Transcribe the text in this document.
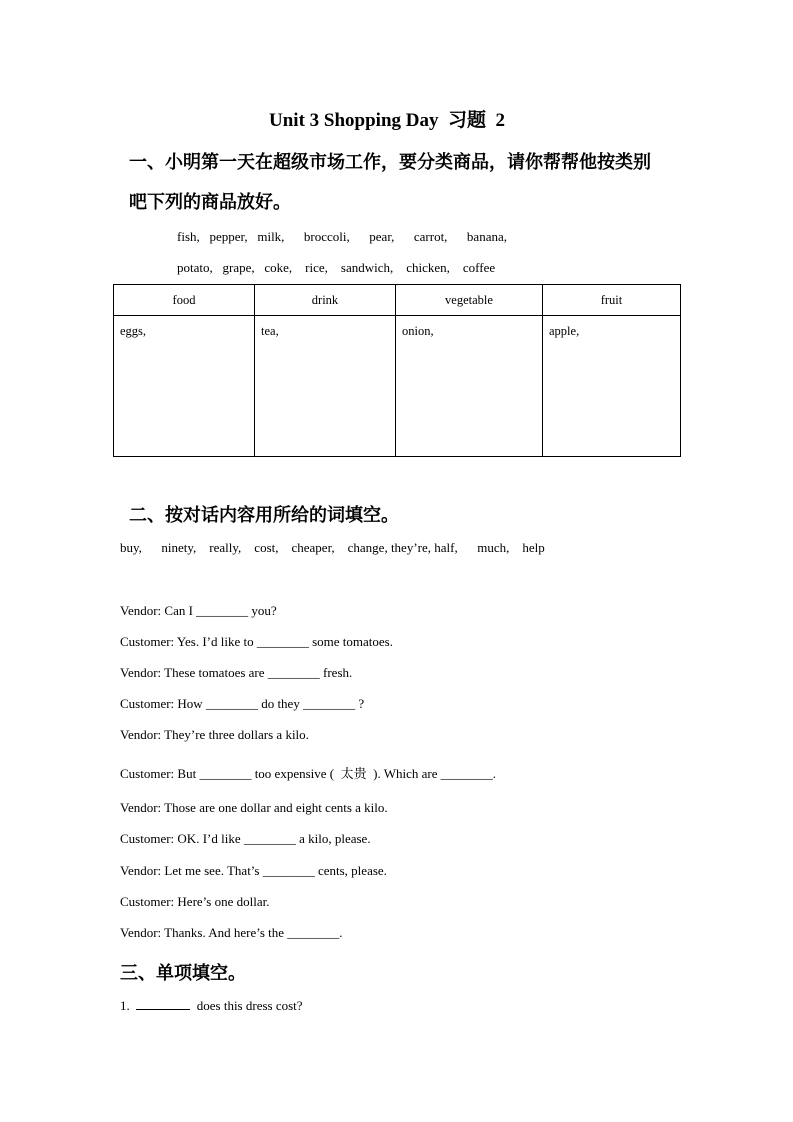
Unit 3 Shopping Day  习题  2
一、小明第一天在超级市场工作，要分类商品，请你帮帮他按类别
吧下列的商品放好。
fish,   pepper,   milk,      broccoli,      pear,      carrot,      banana,
potato,   grape,   coke,    rice,    sandwich,    chicken,    coffee
food	drink	vegetable	fruit
eggs,	tea,	onion,	apple,
二、按对话内容用所给的词填空。
buy,      ninety,    really,    cost,    cheaper,    change, they’re, half,      much,    help
Vendor: Can I ________ you?
Customer: Yes. I’d like to ________ some tomatoes.
Vendor: These tomatoes are ________ fresh.
Customer: How ________ do they ________ ?
Vendor: They’re three dollars a kilo.
Customer: But ________ too expensive (  太贵  ). Which are ________.
Vendor: Those are one dollar and eight cents a kilo.
Customer: OK. I’d like ________ a kilo, please.
Vendor: Let me see. That’s ________ cents, please.
Customer: Here’s one dollar.
Vendor: Thanks. And here’s the ________.
三、单项填空。
1.	does this dress cost?
